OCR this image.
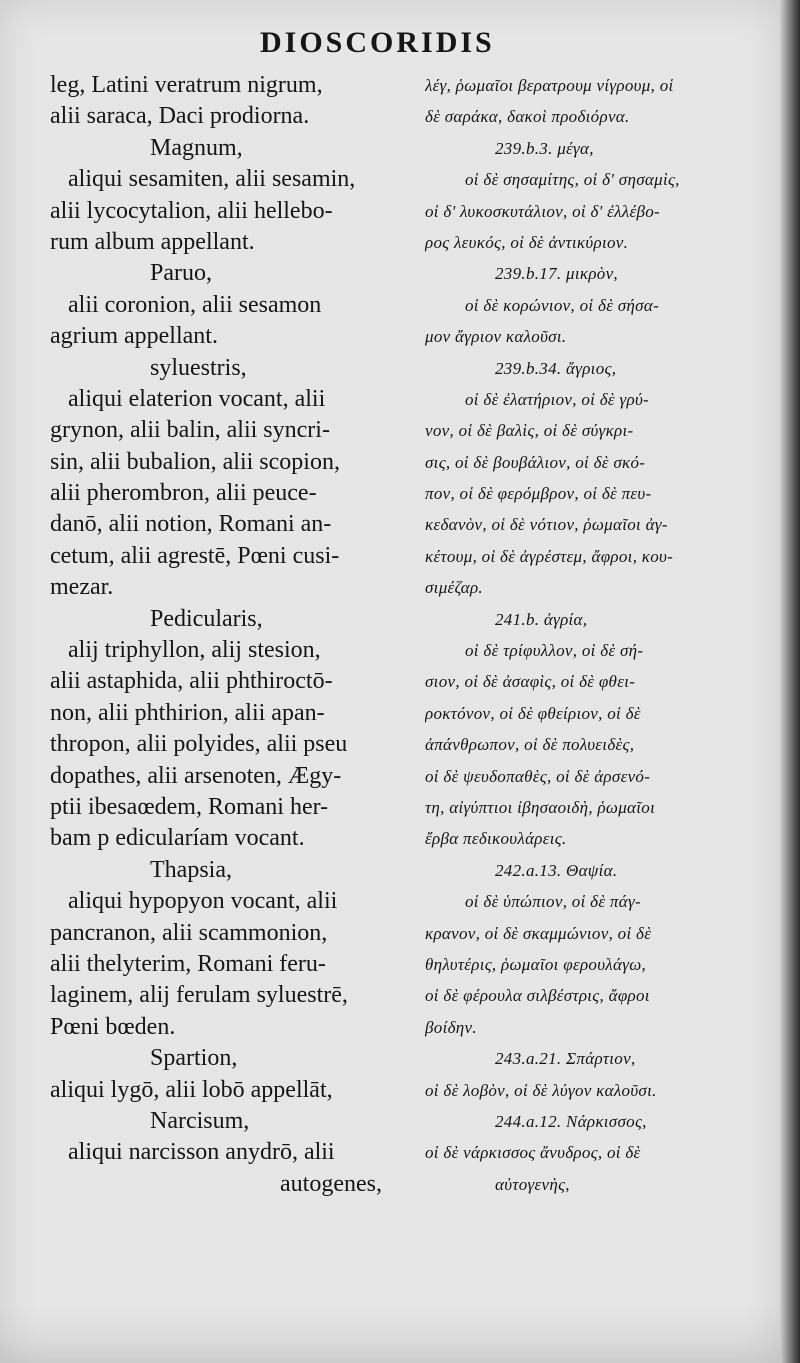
DIOSCORIDIS
leg, Latini veratrum nigrum,
alii saraca, Daci prodiorna.
Magnum,
aliqui sesamiten, alii sesamin,
alii lycocytalion, alii hellebo-
rum album appellant.
Paruo,
alii coronion, alii sesamon
agrium appellant.
syluestris,
aliqui elaterion vocant, alii
grynon, alii balin, alii syncri-
sin, alii bubalion, alii scopion,
alii pherombron, alii peuce-
danō, alii notion, Romani an-
cetum, alii agrestē, Pœni cusi-
mezar.
Pedicularis,
alij triphyllon, alij stesion,
alii astaphida, alii phthiroctō-
non, alii phthirion, alii apan-
thropon, alii polyides, alii pseu
dopathes, alii arsenoten, Ægy-
ptii ibesaœdem, Romani her-
bam p edicularíam vocant.
Thapsia,
aliqui hypopyon vocant, alii
pancranon, alii scammonion,
alii thelyterim, Romani feru-
laginem, alij ferulam syluestrē,
Pœni bœden.
Spartion,
aliqui lygō, alii lobō appellāt,
Narcisum,
aliqui narcisson anydrō, alii
autogenes,
λέγ, ῥωμαῖοι βερατρουμ νίγρουμ, οἱ
δὲ σαράκα, δακοὶ προδιόρνα.
239.b.3. μέγα,
οἱ δὲ σησαμίτης, οἱ δ' σησαμὶς,
οἱ δ' λυκοσκυτάλιον, οἱ δ' ἐλλέβο-
ρος λευκός, οἱ δὲ ἀντικύριον.
239.b.17. μικρὸν,
οἱ δὲ κορώνιον, οἱ δὲ σήσα-
μον ἄγριον καλοῦσι.
239.b.34. ἄγριος,
οἱ δὲ ἐλατήριον, οἱ δὲ γρύ-
νον, οἱ δὲ βαλὶς, οἱ δὲ σύγκρι-
σις, οἱ δὲ βουβάλιον, οἱ δὲ σκό-
πον, οἱ δὲ φερόμβρον, οἱ δὲ πευ-
κεδανὸν, οἱ δὲ νότιον, ῥωμαῖοι ἀγ-
κέτουμ, οἱ δὲ ἀγρέστεμ, ἄφροι, κου-
σιμέζαρ.
241.b. ἀγρία,
οἱ δὲ τρίφυλλον, οἱ δὲ σή-
σιον, οἱ δὲ ἀσαφὶς, οἱ δὲ φθει-
ροκτόνον, οἱ δὲ φθείριον, οἱ δὲ
ἀπάνθρωπον, οἱ δὲ πολυειδὲς,
οἱ δὲ ψευδοπαθὲς, οἱ δὲ ἀρσενό-
τη, αἰγύπτιοι ἰβησαοιδὴ, ῥωμαῖοι
ἔρβα πεδικουλάρεις.
242.a.13. Θαψία.
οἱ δὲ ὑπώπιον, οἱ δὲ πάγ-
κρανον, οἱ δὲ σκαμμώνιον, οἱ δὲ
θηλυτέρις, ῥωμαῖοι φερουλάγω,
οἱ δὲ φέρουλα σιλβέστρις, ἄφροι
βοίδην.
243.a.21. Σπάρτιον,
οἱ δὲ λοβὸν, οἱ δὲ λύγον καλοῦσι.
244.a.12. Νάρκισσος,
οἱ δὲ νάρκισσος ἄνυδρος, οἱ δὲ
αὐτογενὴς,
